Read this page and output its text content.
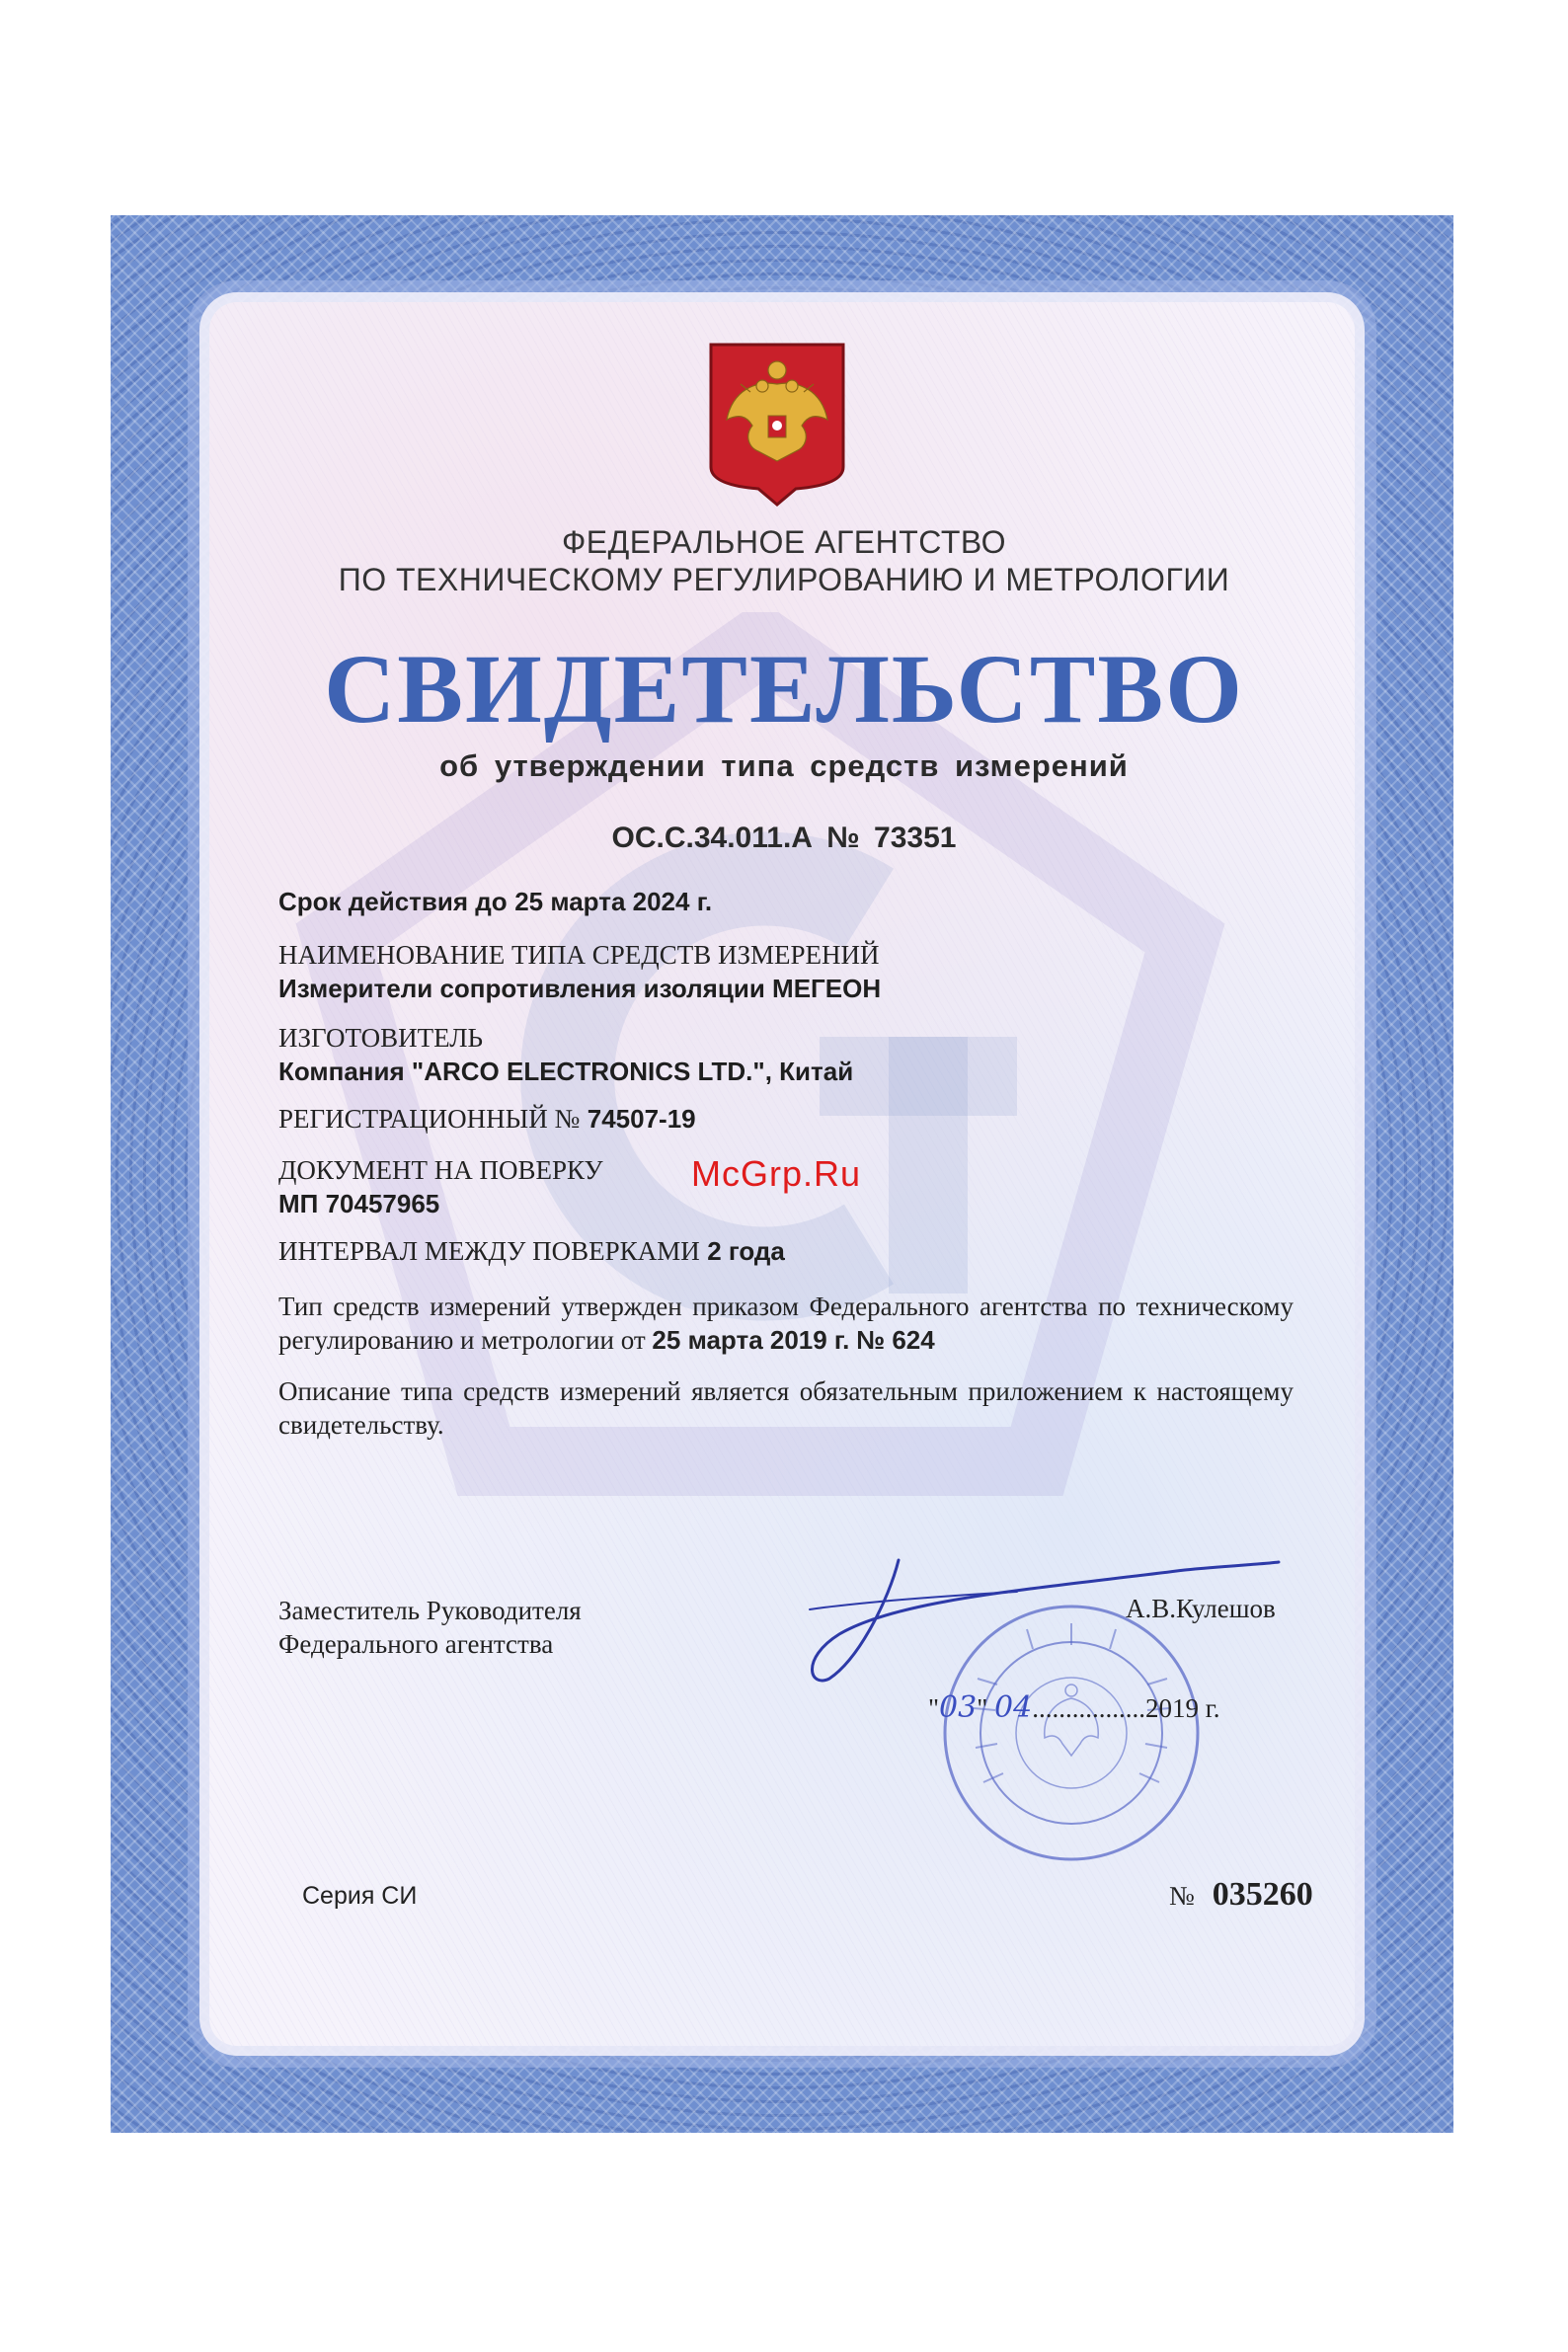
ФЕДЕРАЛЬНОЕ АГЕНТСТВО
ПО ТЕХНИЧЕСКОМУ РЕГУЛИРОВАНИЮ И МЕТРОЛОГИИ
СВИДЕТЕЛЬСТВО
об утверждении типа средств измерений
ОС.С.34.011.А № 73351
Срок действия до 25 марта 2024 г.
НАИМЕНОВАНИЕ ТИПА СРЕДСТВ ИЗМЕРЕНИЙ
Измерители сопротивления изоляции МЕГЕОН
ИЗГОТОВИТЕЛЬ
Компания "ARCO ELECTRONICS LTD.", Китай
РЕГИСТРАЦИОННЫЙ № 74507-19
ДОКУМЕНТ НА ПОВЕРКУ
МП 70457965
McGrp.Ru
ИНТЕРВАЛ МЕЖДУ ПОВЕРКАМИ 2 года
Тип средств измерений утвержден приказом Федерального агентства по техническому регулированию и метрологии от 25 марта 2019 г. № 624
Описание типа средств измерений является обязательным приложением к настоящему свидетельству.
Заместитель Руководителя
Федерального агентства
А.В.Кулешов
"03" 04.................2019 г.
Серия СИ	№ 035260
